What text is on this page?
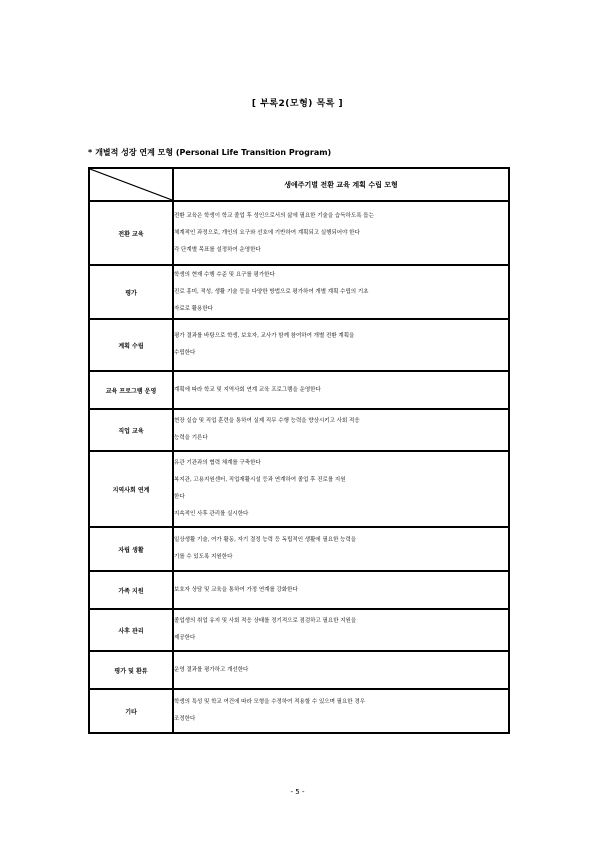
[ 부록2(모형) 목록 ]
* 개별적 성장 연계 모형 (Personal Life Transition Program)
	생애주기별 전환 교육 계획 수립 모형
전환 교육	전환 교육은 학생이 학교 졸업 후 성인으로서의 삶에 필요한 기술을 습득하도록 돕는
체계적인 과정으로, 개인의 요구와 선호에 기반하여 계획되고 실행되어야 한다
각 단계별 목표를 설정하여 운영한다

평가	학생의 현재 수행 수준 및 요구를 평가한다
진로 흥미, 적성, 생활 기술 등을 다양한 방법으로 평가하여 개별 계획 수립의 기초
자료로 활용한다

계획 수립	평가 결과를 바탕으로 학생, 보호자, 교사가 함께 참여하여 개별 전환 계획을
수립한다

교육 프로그램 운영	계획에 따라 학교 및 지역사회 연계 교육 프로그램을 운영한다

직업 교육	현장 실습 및 직업 훈련을 통하여 실제 직무 수행 능력을 향상시키고 사회 적응
능력을 기른다

지역사회 연계	유관 기관과의 협력 체계를 구축한다
복지관, 고용지원센터, 직업재활시설 등과 연계하여 졸업 후 진로를 지원
한다
지속적인 사후 관리를 실시한다

자립 생활	일상생활 기술, 여가 활동, 자기 결정 능력 등 독립적인 생활에 필요한 능력을
기를 수 있도록 지원한다

가족 지원	보호자 상담 및 교육을 통하여 가정 연계를 강화한다

사후 관리	졸업생의 취업 유지 및 사회 적응 상태를 정기적으로 점검하고 필요한 지원을
제공한다

평가 및 환류	운영 결과를 평가하고 개선한다

기타	학생의 특성 및 학교 여건에 따라 모형을 수정하여 적용할 수 있으며 필요한 경우
조정한다
- 5 -
